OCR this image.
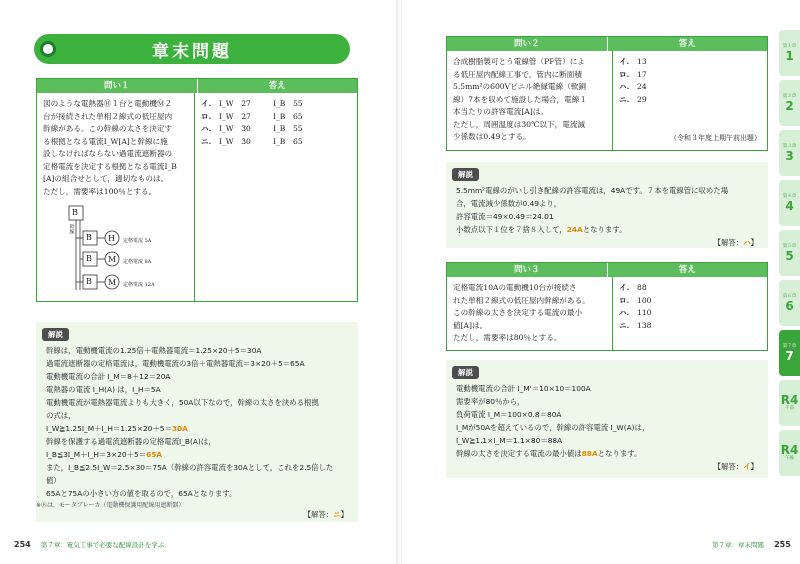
章末問題
問い１	答え
図のような電熱器Ⓗ１台と電動機Ⓜ２
台が接続された単相２線式の低圧屋内
幹線がある。この幹線の太さを決定す
る根拠となる電流I_W[A]と幹線に施
設しなければならない過電流遮断器の
定格電流を決定する根拠となる電流I_B
[A]の組合せとして，適切なものは。
ただし，需要率は100％とする。
B
幹線
B
B
B
H
M
M
定格電流 5A
定格電流 8A
定格電流 12A
イ. I_W　27	I_B　55
ロ. I_W　27	I_B　65
ハ. I_W　30	I_B　55
ニ. I_W　30	I_B　65
解説

幹線は，電動機電流の1.25倍＋電熱器電流＝1.25×20＋5＝30A

過電流遮断器の定格電流は，電動機電流の3倍＋電熱器電流＝3×20＋5＝65A

電動機電流の合計 I_M＝8＋12＝20A

電熱器の電流 I_H(A) は，I_H＝5A

電動機電流が電熱器電流よりも大きく，50A以下なので，幹線の太さを決める根拠

の式は，

I_W≧1.25I_M＋I_H＝1.25×20＋5＝30A

幹線を保護する過電流遮断器の定格電流I_B(A)は，

I_B≦3I_M＋I_H＝3×20＋5＝65A

また，I_B≦2.5I_W＝2.5×30＝75A（幹線の許容電流を30Aとして，これを2.5倍した

値）

65Aと75Aの小さい方の値を取るので，65Aとなります。

【解答：ニ】

※Ⓑは，モータブレーカ（電動機保護用配線用遮断器）
254 第７章：電気工事で必要な配線設計を学ぶ
問い２	答え
合成樹脂製可とう電線管（PF管）によ
る低圧屋内配線工事で，管内に断面積
5.5mm²の600Vビニル絶縁電線（軟銅
線）7本を収めて施設した場合，電線１
本当たりの許容電流[A]は。
ただし，周囲温度は30℃以下，電流減
少係数は0.49とする。
イ. 13
ロ. 17
ハ. 24
ニ. 29
（令和３年度上期午前出題）
解説

5.5mm²電線のがいし引き配線の許容電流は，49Aです。７本を電線管に収めた場

合，電流減少係数が0.49より，

許容電流＝49×0.49＝24.01

小数点以下１位を７捨８入して，24Aとなります。

【解答：ハ】

問い３	答え
定格電流10Aの電動機10台が接続さ
れた単相２線式の低圧屋内幹線がある。
この幹線の太さを決定する電流の最小
値[A]は。
ただし，需要率は80％とする。
イ. 88
ロ. 100
ハ. 110
ニ. 138
解説

電動機電流の合計 I_M'＝10×10＝100A

需要率が80％から，

負荷電流 I_M＝100×0.8＝80A

I_Mが50Aを超えているので，幹線の許容電流 I_W(A)は，

I_W≧1.1×I_M＝1.1×80＝88A

幹線の太さを決定する電流の最小値は88Aとなります。

【解答：イ】

第７章：章末問題 255
第１章
1
第２章
2
第３章
3
第４章
4
第５章
5
第６章
6
第７章
7
R4
午前
R4
午後
